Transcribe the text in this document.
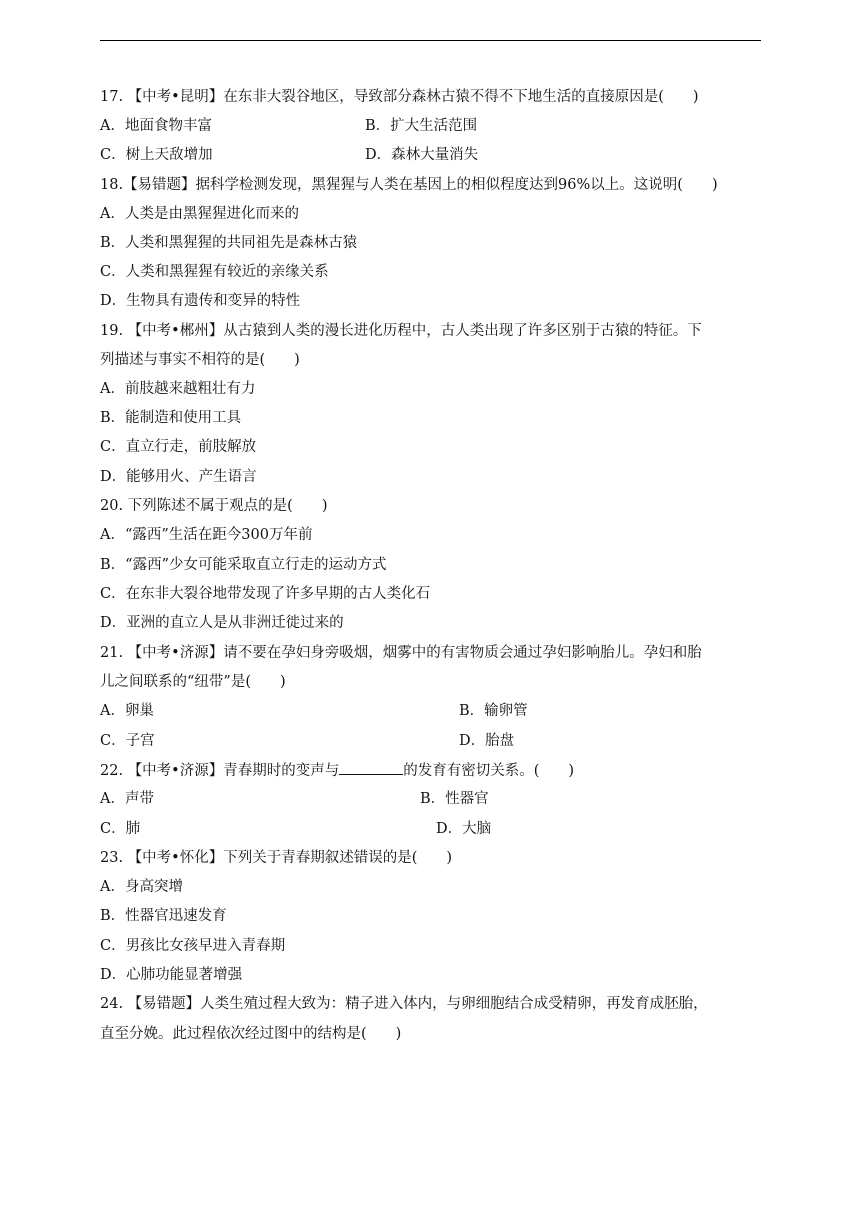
17. 【中考•昆明】在东非大裂谷地区，导致部分森林古猿不得不下地生活的直接原因是(　　)
A．地面食物丰富	B．扩大生活范围
C．树上天敌增加	D．森林大量消失
18.【易错题】据科学检测发现，黑猩猩与人类在基因上的相似程度达到96%以上。这说明(　　)
A．人类是由黑猩猩进化而来的
B．人类和黑猩猩的共同祖先是森林古猿
C．人类和黑猩猩有较近的亲缘关系
D．生物具有遗传和变异的特性
19. 【中考•郴州】从古猿到人类的漫长进化历程中，古人类出现了许多区别于古猿的特征。下
列描述与事实不相符的是(　　)
A．前肢越来越粗壮有力
B．能制造和使用工具
C．直立行走，前肢解放
D．能够用火、产生语言
20. 下列陈述不属于观点的是(　　)
A．“露西”生活在距今300万年前
B．“露西”少女可能采取直立行走的运动方式
C．在东非大裂谷地带发现了许多早期的古人类化石
D．亚洲的直立人是从非洲迁徙过来的
21. 【中考•济源】请不要在孕妇身旁吸烟，烟雾中的有害物质会通过孕妇影响胎儿。孕妇和胎
儿之间联系的“纽带”是(　　)
A．卵巢	B．输卵管
C．子宫	D．胎盘
22. 【中考•济源】青春期时的变声与	的发育有密切关系。(　　)
A．声带	B．性器官
C．肺	D．大脑
23. 【中考•怀化】下列关于青春期叙述错误的是(　　)
A．身高突增
B．性器官迅速发育
C．男孩比女孩早进入青春期
D．心肺功能显著增强
24. 【易错题】人类生殖过程大致为：精子进入体内，与卵细胞结合成受精卵，再发育成胚胎，
直至分娩。此过程依次经过图中的结构是(　　)
